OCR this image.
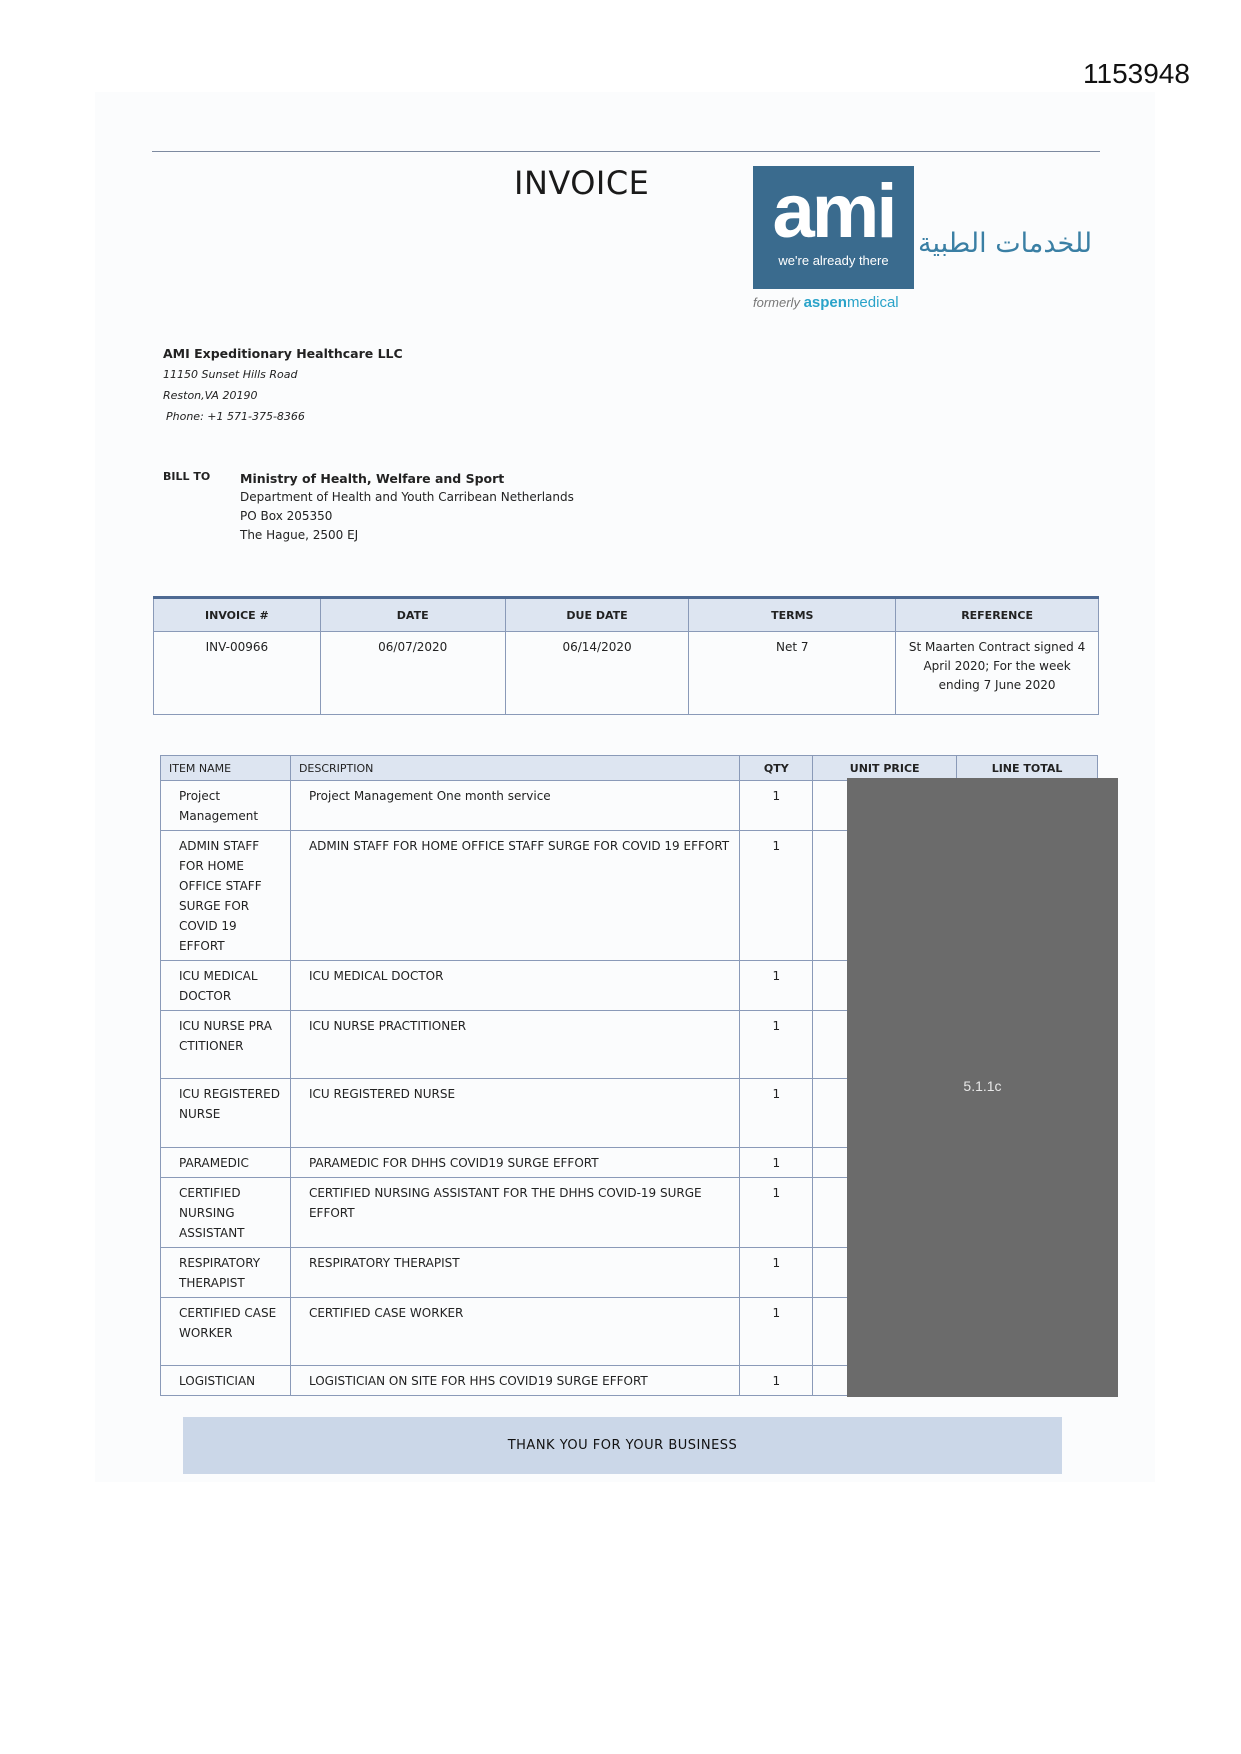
1153948
INVOICE ami
we're already there
للخدمات الطبية
formerly aspenmedical
AMI Expeditionary Healthcare LLC
11150 Sunset Hills Road
Reston,VA 20190
Phone: +1 571-375-8366
BILL TO Ministry of Health, Welfare and Sport
Department of Health and Youth Carribean Netherlands
PO Box 205350
The Hague, 2500 EJ
INVOICE #	DATE	DUE DATE	TERMS	REFERENCE
INV-00966	06/07/2020	06/14/2020	Net 7	St Maarten Contract signed 4 April 2020; For the week ending 7 June 2020
ITEM NAME	DESCRIPTION	QTY	UNIT PRICE	LINE TOTAL
Project Management	Project Management One month service	1		
ADMIN STAFF FOR HOME OFFICE STAFF SURGE FOR COVID 19 EFFORT	ADMIN STAFF FOR HOME OFFICE STAFF SURGE FOR COVID 19 EFFORT	1		
ICU MEDICAL DOCTOR	ICU MEDICAL DOCTOR	1		
ICU NURSE PRACTITIONER	ICU NURSE PRACTITIONER	1		
ICU REGISTERED NURSE	ICU REGISTERED NURSE	1		
PARAMEDIC	PARAMEDIC FOR DHHS COVID19 SURGE EFFORT	1		
CERTIFIED NURSING ASSISTANT	CERTIFIED NURSING ASSISTANT FOR THE DHHS COVID-19 SURGE EFFORT	1		
RESPIRATORY THERAPIST	RESPIRATORY THERAPIST	1		
CERTIFIED CASE WORKER	CERTIFIED CASE WORKER	1		
LOGISTICIAN	LOGISTICIAN ON SITE FOR HHS COVID19 SURGE EFFORT	1		
5.1.1c
THANK YOU FOR YOUR BUSINESS
